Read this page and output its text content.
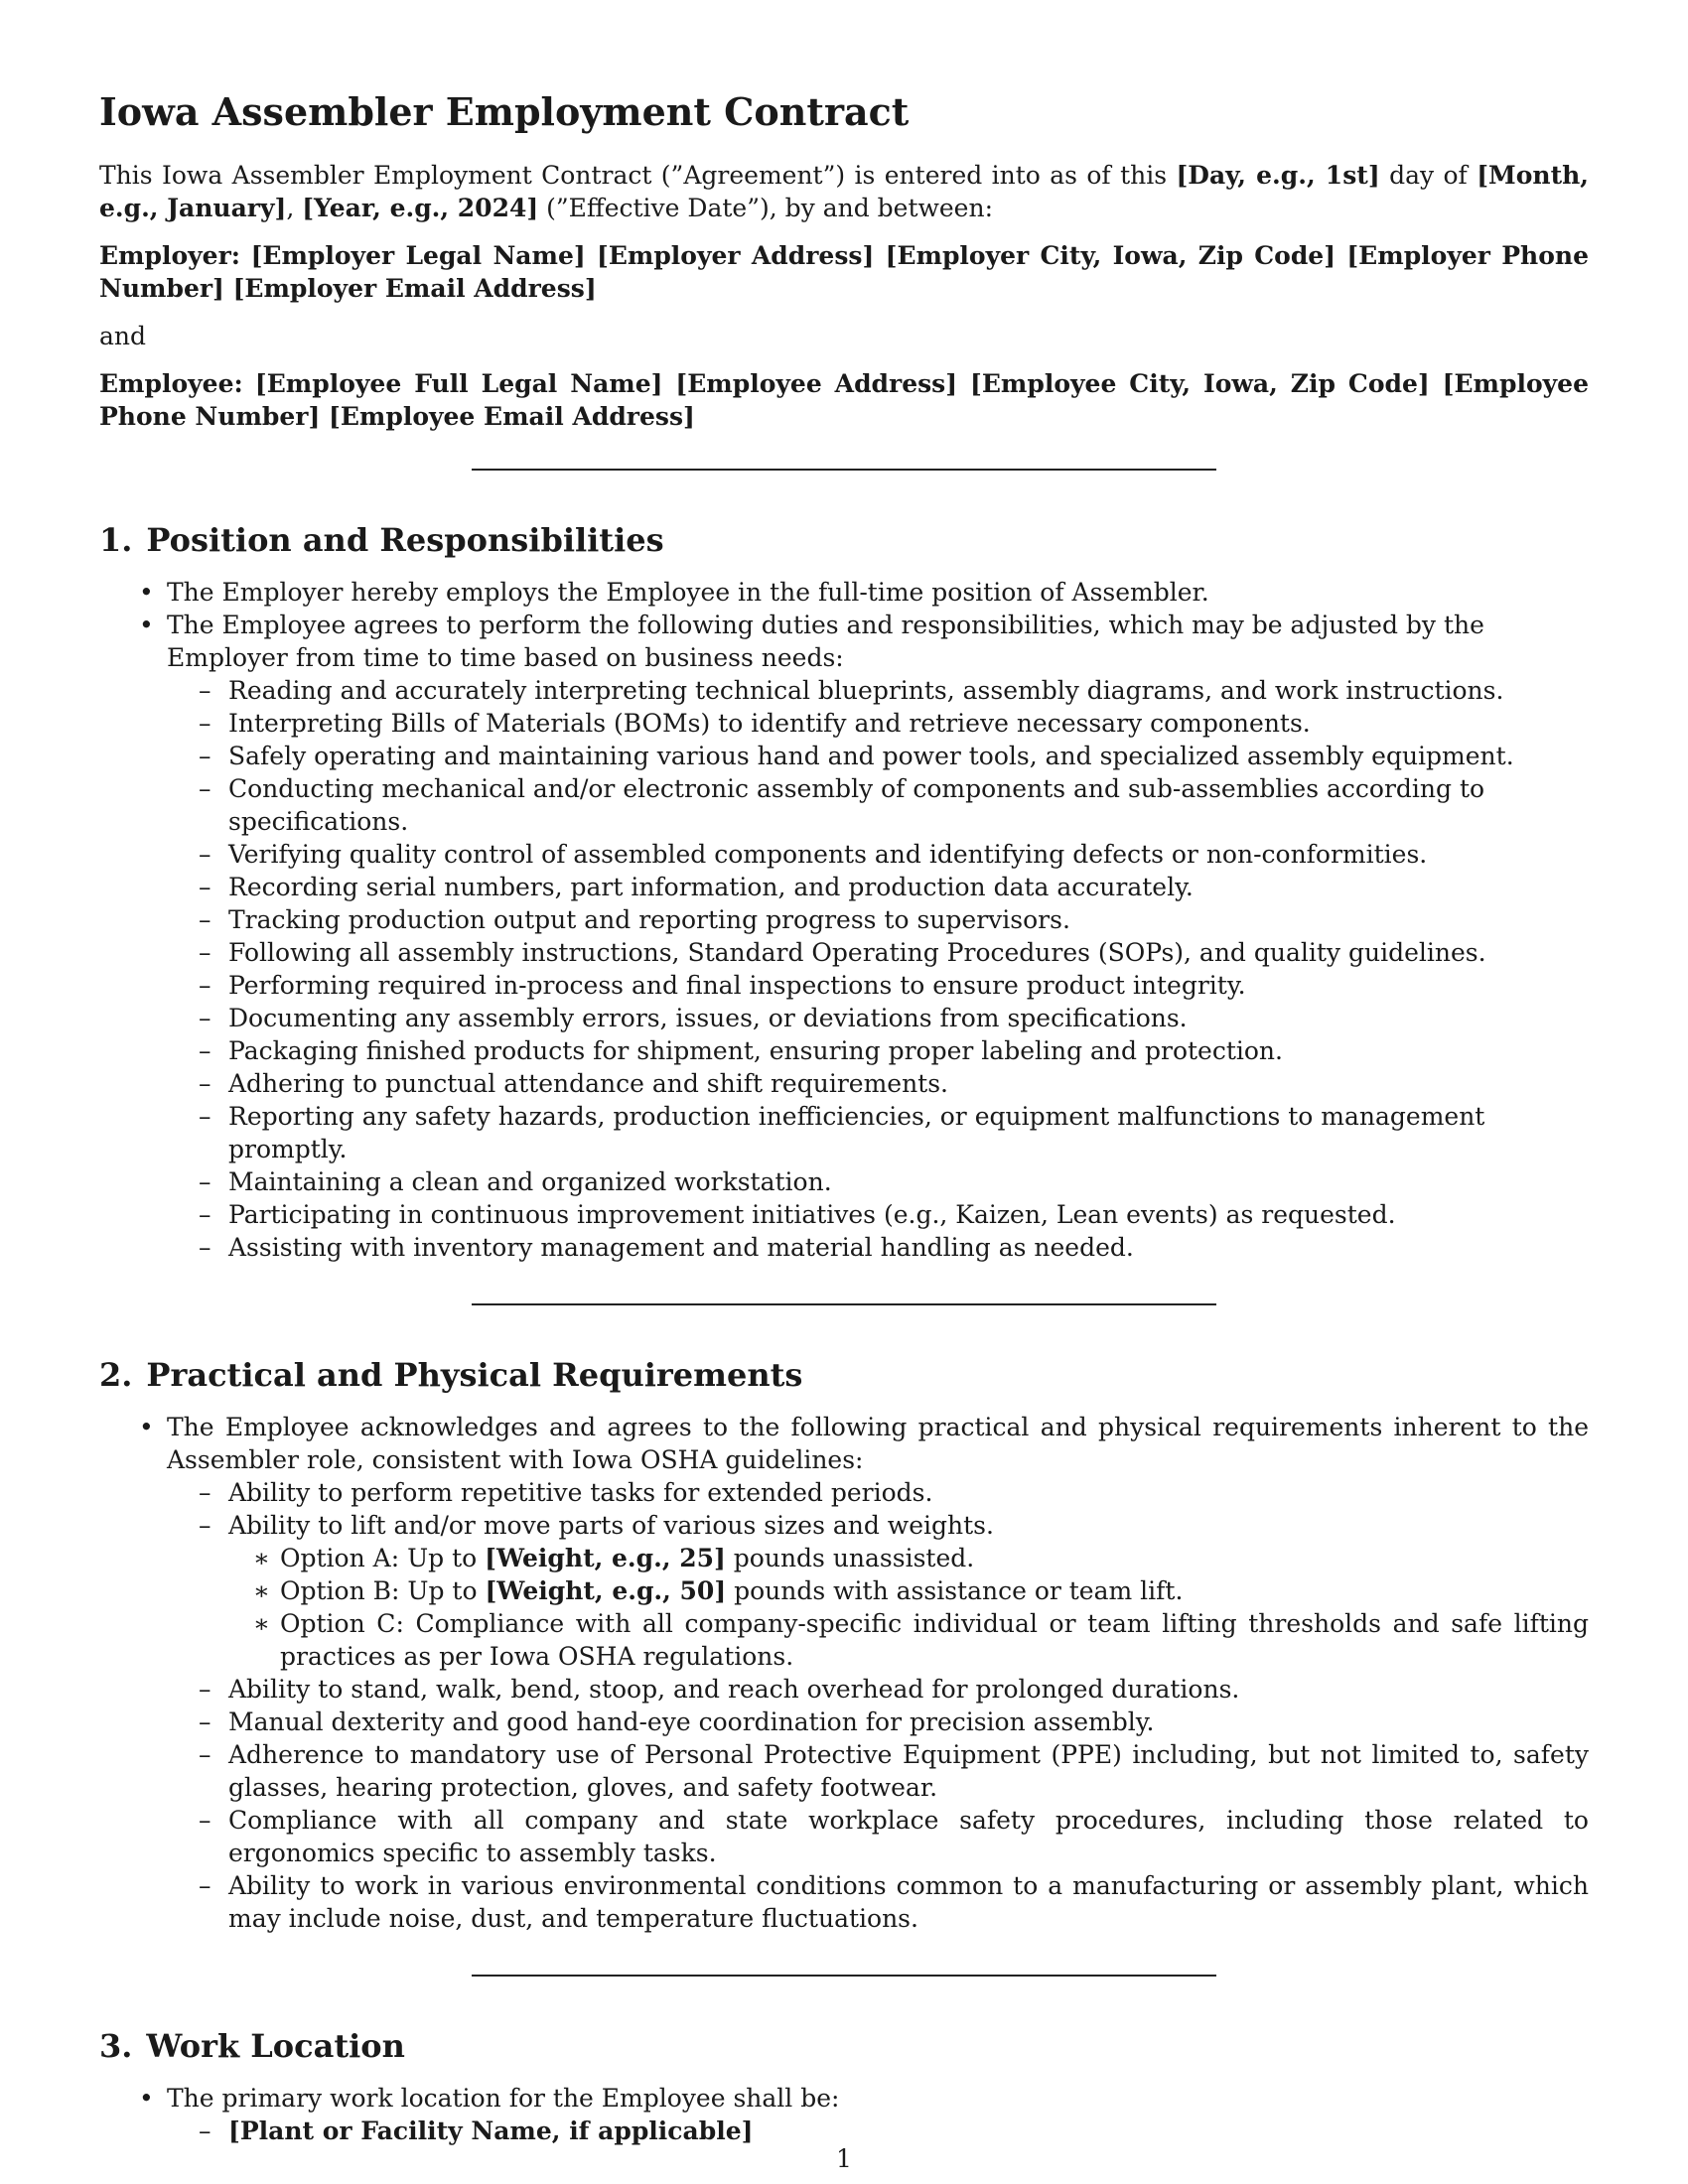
Iowa Assembler Employment Contract

This Iowa Assembler Employment Contract (”Agreement”) is entered into as of this [Day, e.g., 1st] day of [Month, e.g., January], [Year, e.g., 2024] (”Effective Date”), by and between:

Employer: [Employer Legal Name] [Employer Address] [Employer City, Iowa, Zip Code] [Employer Phone Number] [Employer Email Address]

and

Employee: [Employee Full Legal Name] [Employee Address] [Employee City, Iowa, Zip Code] [Employee Phone Number] [Employee Email Address]

1. Position and Responsibilities
• The Employer hereby employs the Employee in the full-time position of Assembler.
• The Employee agrees to perform the following duties and responsibilities, which may be adjusted by the Employer from time to time based on business needs:
– Reading and accurately interpreting technical blueprints, assembly diagrams, and work instructions.
– Interpreting Bills of Materials (BOMs) to identify and retrieve necessary components.
– Safely operating and maintaining various hand and power tools, and specialized assembly equipment.
– Conducting mechanical and/or electronic assembly of components and sub-assemblies according to specifications.
– Verifying quality control of assembled components and identifying defects or non-conformities.
– Recording serial numbers, part information, and production data accurately.
– Tracking production output and reporting progress to supervisors.
– Following all assembly instructions, Standard Operating Procedures (SOPs), and quality guidelines.
– Performing required in-process and final inspections to ensure product integrity.
– Documenting any assembly errors, issues, or deviations from specifications.
– Packaging finished products for shipment, ensuring proper labeling and protection.
– Adhering to punctual attendance and shift requirements.
– Reporting any safety hazards, production inefficiencies, or equipment malfunctions to management promptly.
– Maintaining a clean and organized workstation.
– Participating in continuous improvement initiatives (e.g., Kaizen, Lean events) as requested.
– Assisting with inventory management and material handling as needed.
2. Practical and Physical Requirements
• The Employee acknowledges and agrees to the following practical and physical requirements inherent to the Assembler role, consistent with Iowa OSHA guidelines:
– Ability to perform repetitive tasks for extended periods.
– Ability to lift and/or move parts of various sizes and weights.
∗ Option A: Up to [Weight, e.g., 25] pounds unassisted.
∗ Option B: Up to [Weight, e.g., 50] pounds with assistance or team lift.
∗ Option C: Compliance with all company-specific individual or team lifting thresholds and safe lifting practices as per Iowa OSHA regulations.
– Ability to stand, walk, bend, stoop, and reach overhead for prolonged durations.
– Manual dexterity and good hand-eye coordination for precision assembly.
– Adherence to mandatory use of Personal Protective Equipment (PPE) including, but not limited to, safety glasses, hearing protection, gloves, and safety footwear.
– Compliance with all company and state workplace safety procedures, including those related to ergonomics specific to assembly tasks.
– Ability to work in various environmental conditions common to a manufacturing or assembly plant, which may include noise, dust, and temperature fluctuations.
3. Work Location
• The primary work location for the Employee shall be:
– [Plant or Facility Name, if applicable]
1
